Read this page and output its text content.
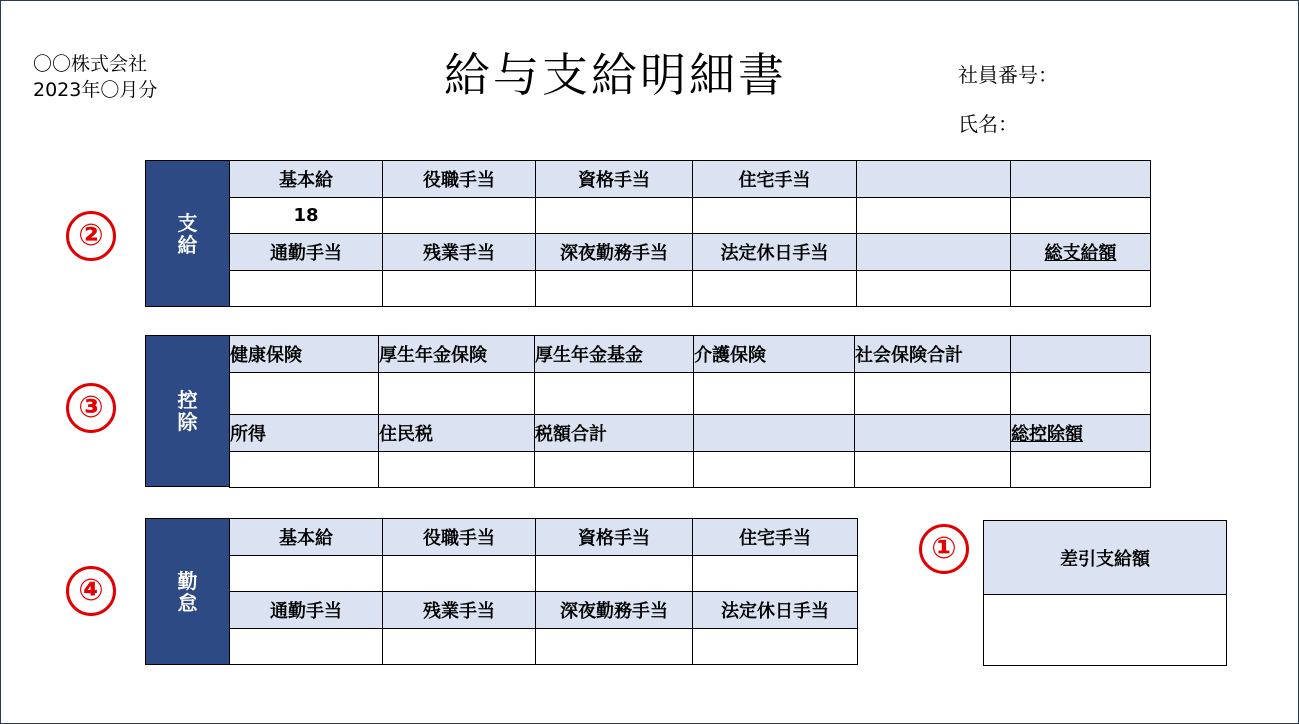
〇〇株式会社
2023年〇月分	給与支給明細書	社員番号：
氏名：
②
③
④
①
支
給
基本給	役職手当	資格手当	住宅手当		
18					
通勤手当	残業手当	深夜勤務手当	法定休日手当		総支給額

控
除
健康保険	厚生年金保険	厚生年金基金	介護保険	社会保険合計	

所得	住民税	税額合計			総控除額

勤
怠
基本給	役職手当	資格手当	住宅手当

通勤手当	残業手当	深夜勤務手当	法定休日手当

差引支給額
